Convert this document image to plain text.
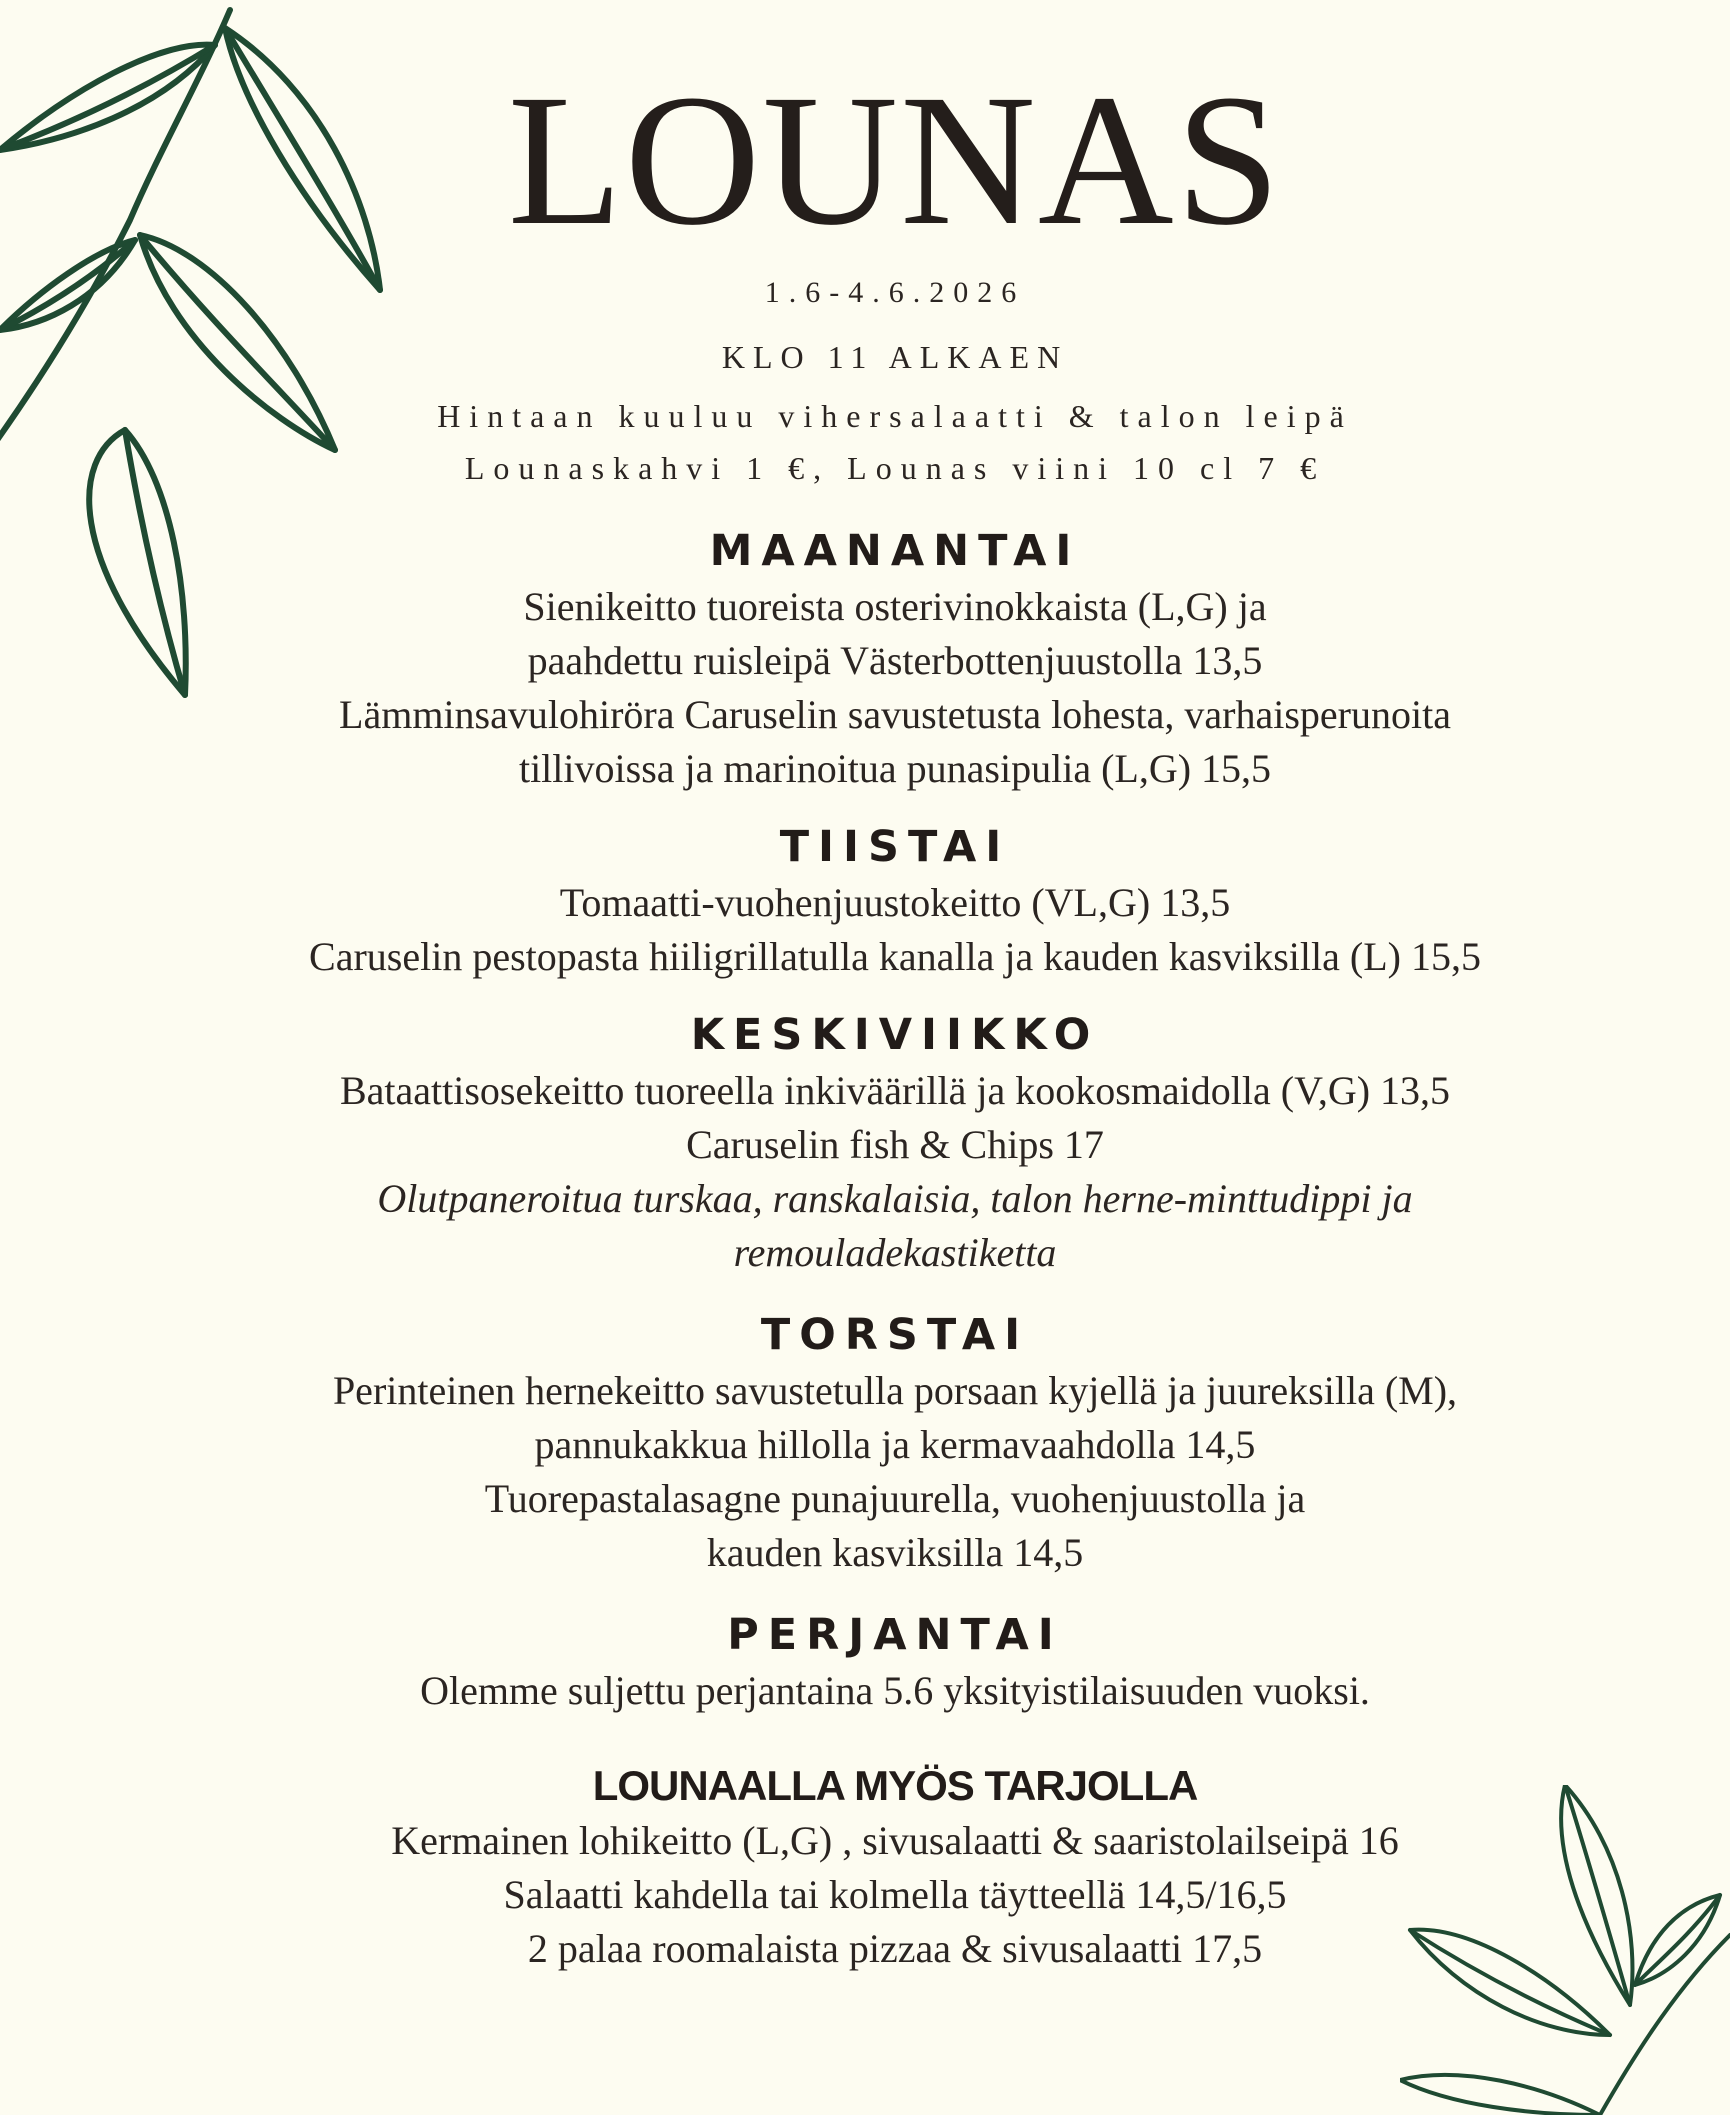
LOUNAS
1.6-4.6.2026
KLO 11 ALKAEN
Hintaan kuuluu vihersalaatti & talon leipä
Lounaskahvi 1 €, Lounas viini 10 cl 7 €
MAANANTAI
Sienikeitto tuoreista osterivinokkaista (L,G) ja
paahdettu ruisleipä Västerbottenjuustolla 13,5
Lämminsavulohiröra Caruselin savustetusta lohesta, varhaisperunoita
tillivoissa ja marinoitua punasipulia (L,G) 15,5
TIISTAI
Tomaatti-vuohenjuustokeitto (VL,G) 13,5
Caruselin pestopasta hiiligrillatulla kanalla ja kauden kasviksilla (L) 15,5
KESKIVIIKKO
Bataattisosekeitto tuoreella inkiväärillä ja kookosmaidolla (V,G) 13,5
Caruselin fish & Chips 17
Olutpaneroitua turskaa, ranskalaisia, talon herne-minttudippi ja
remouladekastiketta
TORSTAI
Perinteinen hernekeitto savustetulla porsaan kyjellä ja juureksilla (M),
pannukakkua hillolla ja kermavaahdolla 14,5
Tuorepastalasagne punajuurella, vuohenjuustolla ja
kauden kasviksilla 14,5
PERJANTAI
Olemme suljettu perjantaina 5.6 yksityistilaisuuden vuoksi.
LOUNAALLA MYÖS TARJOLLA
Kermainen lohikeitto (L,G) , sivusalaatti & saaristolailseipä 16
Salaatti kahdella tai kolmella täytteellä 14,5/16,5
2 palaa roomalaista pizzaa & sivusalaatti 17,5
